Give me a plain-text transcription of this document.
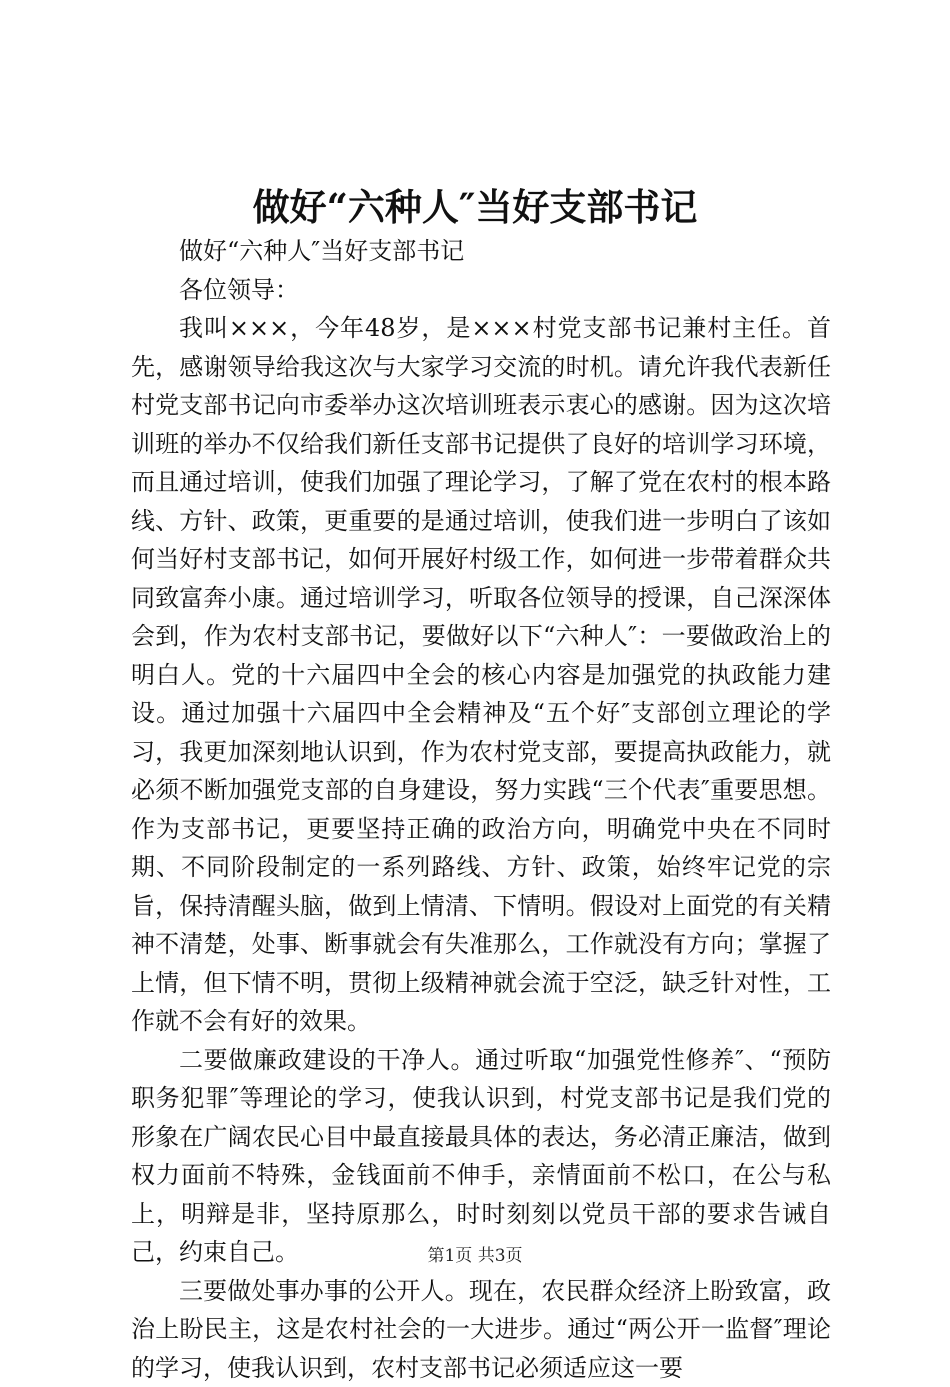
做好“六种人″当好支部书记

做好“六种人″当好支部书记

各位领导：

我叫×××，今年48岁，是×××村党支部书记兼村主任。首先，感谢领导给我这次与大家学习交流的时机。请允许我代表新任村党支部书记向市委举办这次培训班表示衷心的感谢。因为这次培训班的举办不仅给我们新任支部书记提供了良好的培训学习环境，而且通过培训，使我们加强了理论学习，了解了党在农村的根本路线、方针、政策，更重要的是通过培训，使我们进一步明白了该如何当好村支部书记，如何开展好村级工作，如何进一步带着群众共同致富奔小康。通过培训学习，听取各位领导的授课，自己深深体会到，作为农村支部书记，要做好以下“六种人″：一要做政治上的明白人。党的十六届四中全会的核心内容是加强党的执政能力建设。通过加强十六届四中全会精神及“五个好″支部创立理论的学习，我更加深刻地认识到，作为农村党支部，要提高执政能力，就必须不断加强党支部的自身建设，努力实践“三个代表″重要思想。作为支部书记，更要坚持正确的政治方向，明确党中央在不同时期、不同阶段制定的一系列路线、方针、政策，始终牢记党的宗旨，保持清醒头脑，做到上情清、下情明。假设对上面党的有关精神不清楚，处事、断事就会有失准那么，工作就没有方向；掌握了上情，但下情不明，贯彻上级精神就会流于空泛，缺乏针对性，工作就不会有好的效果。

二要做廉政建设的干净人。通过听取“加强党性修养″、“预防职务犯罪″等理论的学习，使我认识到，村党支部书记是我们党的形象在广阔农民心目中最直接最具体的表达，务必清正廉洁，做到权力面前不特殊，金钱面前不伸手，亲情面前不松口，在公与私上，明辩是非，坚持原那么，时时刻刻以党员干部的要求告诫自己，约束自己。

三要做处事办事的公开人。现在，农民群众经济上盼致富，政治上盼民主，这是农村社会的一大进步。通过“两公开一监督″理论的学习，使我认识到，农村支部书记必须适应这一要

第1页 共3页
